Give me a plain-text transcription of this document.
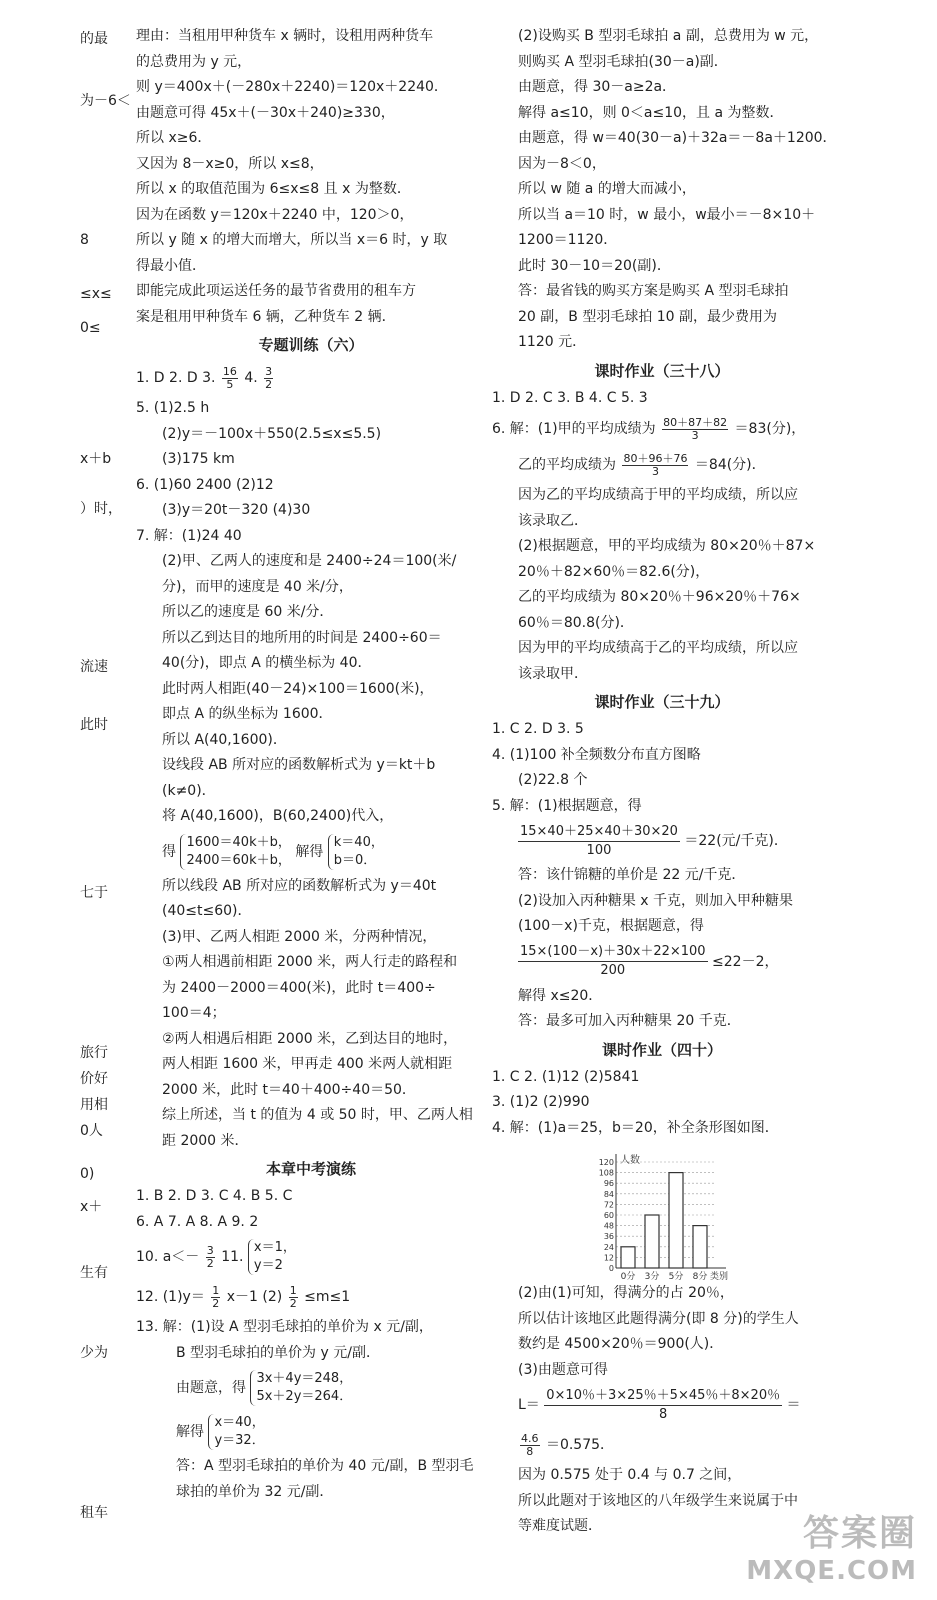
的最
为－6＜
8
≤x≤
0≤
x＋b
）时，
流速
此时
七于
旅行
价好
用相
0人
0)
x＋
生有
少为
租车
理由：当租用甲种货车 x 辆时，设租用两种货车
的总费用为 y 元，
则 y＝400x＋(－280x＋2240)＝120x＋2240．
由题意可得 45x＋(－30x＋240)≥330，
所以 x≥6．
又因为 8－x≥0，所以 x≤8，
所以 x 的取值范围为 6≤x≤8 且 x 为整数．
因为在函数 y＝120x＋2240 中，120＞0，
所以 y 随 x 的增大而增大，所以当 x＝6 时，y 取
得最小值．
即能完成此项运送任务的最节省费用的租车方
案是租用甲种货车 6 辆，乙种货车 2 辆．
专题训练（六）
1. D 2. D 3. $\frac{16}{5} 4$. $\frac{3}{2}$
5. (1)2.5 h
(2)y＝－100x＋550(2.5≤x≤5.5)
(3)175 km
6. (1)60 2400 (2)12
(3)y＝20t－320 (4)30
7. 解：(1)24 40
(2)甲、乙两人的速度和是 2400÷24＝100(米/
分)，而甲的速度是 40 米/分，
所以乙的速度是 60 米/分．
所以乙到达目的地所用的时间是 2400÷60＝
40(分)，即点 A 的横坐标为 40．
此时两人相距(40－24)×100＝1600(米)，
即点 A 的纵坐标为 1600．
所以 A(40,1600)．
设线段 AB 所对应的函数解析式为 y＝kt＋b
(k≠0)．
将 A(40,1600)，B(60,2400)代入，
得
1600＝40k＋b，
2400＝60k＋b，
解得
k＝40，
b＝0．
所以线段 AB 所对应的函数解析式为 y＝40t
(40≤t≤60)．
(3)甲、乙两人相距 2000 米，分两种情况，
①两人相遇前相距 2000 米，两人行走的路程和
为 2400－2000＝400(米)，此时 t＝400÷
100＝4；
②两人相遇后相距 2000 米，乙到达目的地时，
两人相距 1600 米，甲再走 400 米两人就相距
2000 米，此时 t＝40＋400÷40＝50．
综上所述，当 t 的值为 4 或 50 时，甲、乙两人相
距 2000 米．
本章中考演练
1. B 2. D 3. C 4. B 5. C
6. A 7. A 8. A 9. 2
10. $a<- \frac{3}{2} 11$.
x＝1，
y＝2
12. $(1)y= \frac{1}{2} x-1$ $(2) \frac{1}{2} \le m\le 1$
13. 解：(1)设 A 型羽毛球拍的单价为 x 元/副，
B 型羽毛球拍的单价为 y 元/副．
由题意，得
3x＋4y＝248，
5x＋2y＝264．
解得
x＝40，
y＝32．
答：A 型羽毛球拍的单价为 40 元/副，B 型羽毛
球拍的单价为 32 元/副．
(2)设购买 B 型羽毛球拍 a 副，总费用为 w 元，
则购买 A 型羽毛球拍(30－a)副．
由题意，得 30－a≥2a．
解得 a≤10，则 0＜a≤10，且 a 为整数．
由题意，得 w＝40(30－a)＋32a＝－8a＋1200．
因为－8＜0，
所以 w 随 a 的增大而减小，
所以当 a＝10 时，w 最小，w最小＝－8×10＋
1200＝1120．
此时 30－10＝20(副)．
答：最省钱的购买方案是购买 A 型羽毛球拍
20 副，B 型羽毛球拍 10 副，最少费用为
1120 元．
课时作业（三十八）
1. D 2. C 3. B 4. C 5. 3
6. 解：(1)甲的平均成绩为 $\frac{80+87+82}{3} =83$(分)，
乙的平均成绩为 $\frac{80+96+76}{3} =84$(分)．
因为乙的平均成绩高于甲的平均成绩，所以应
该录取乙．
(2)根据题意，甲的平均成绩为 80×20％＋87×
20％＋82×60％＝82.6(分)，
乙的平均成绩为 80×20％＋96×20％＋76×
60％＝80.8(分)．
因为甲的平均成绩高于乙的平均成绩，所以应
该录取甲．
课时作业（三十九）
1. C 2. D 3. 5
4. (1)100 补全频数分布直方图略
(2)22.8 个
5. 解：(1)根据题意，得
$\frac{15\times 40+25\times 40+30\times 20}{100} =22$(元/千克)．
答：该什锦糖的单价是 22 元/千克．
(2)设加入丙种糖果 x 千克，则加入甲种糖果
(100－x)千克，根据题意，得
$\frac{15\times(100-x)+30x+22\times 100}{200} \le 22-2$，
解得 x≤20．
答：最多可加入丙种糖果 20 千克．
课时作业（四十）
1. C 2. (1)12 (2)5841
3. (1)2 (2)990
4. 解：(1)a＝25，b＝20，补全条形图如图．
(2)由(1)可知，得满分的占 20％，
所以估计该地区此题得满分(即 8 分)的学生人
数约是 4500×20％＝900(人)．
(3)由题意可得
$L= \frac{0\times 10\%+3\times 25\%+5\times 45\%+8\times 20\%}{8}$ ＝
$\frac{4.6}{8} =0.575$．
因为 0.575 处于 0.4 与 0.7 之间，
所以此题对于该地区的八年级学生来说属于中
等难度试题．
120
108
96
84
72
60
48
36
24
12
0
人数
0分 3分 5分 8分 类别
答案圈
MXQE.COM
